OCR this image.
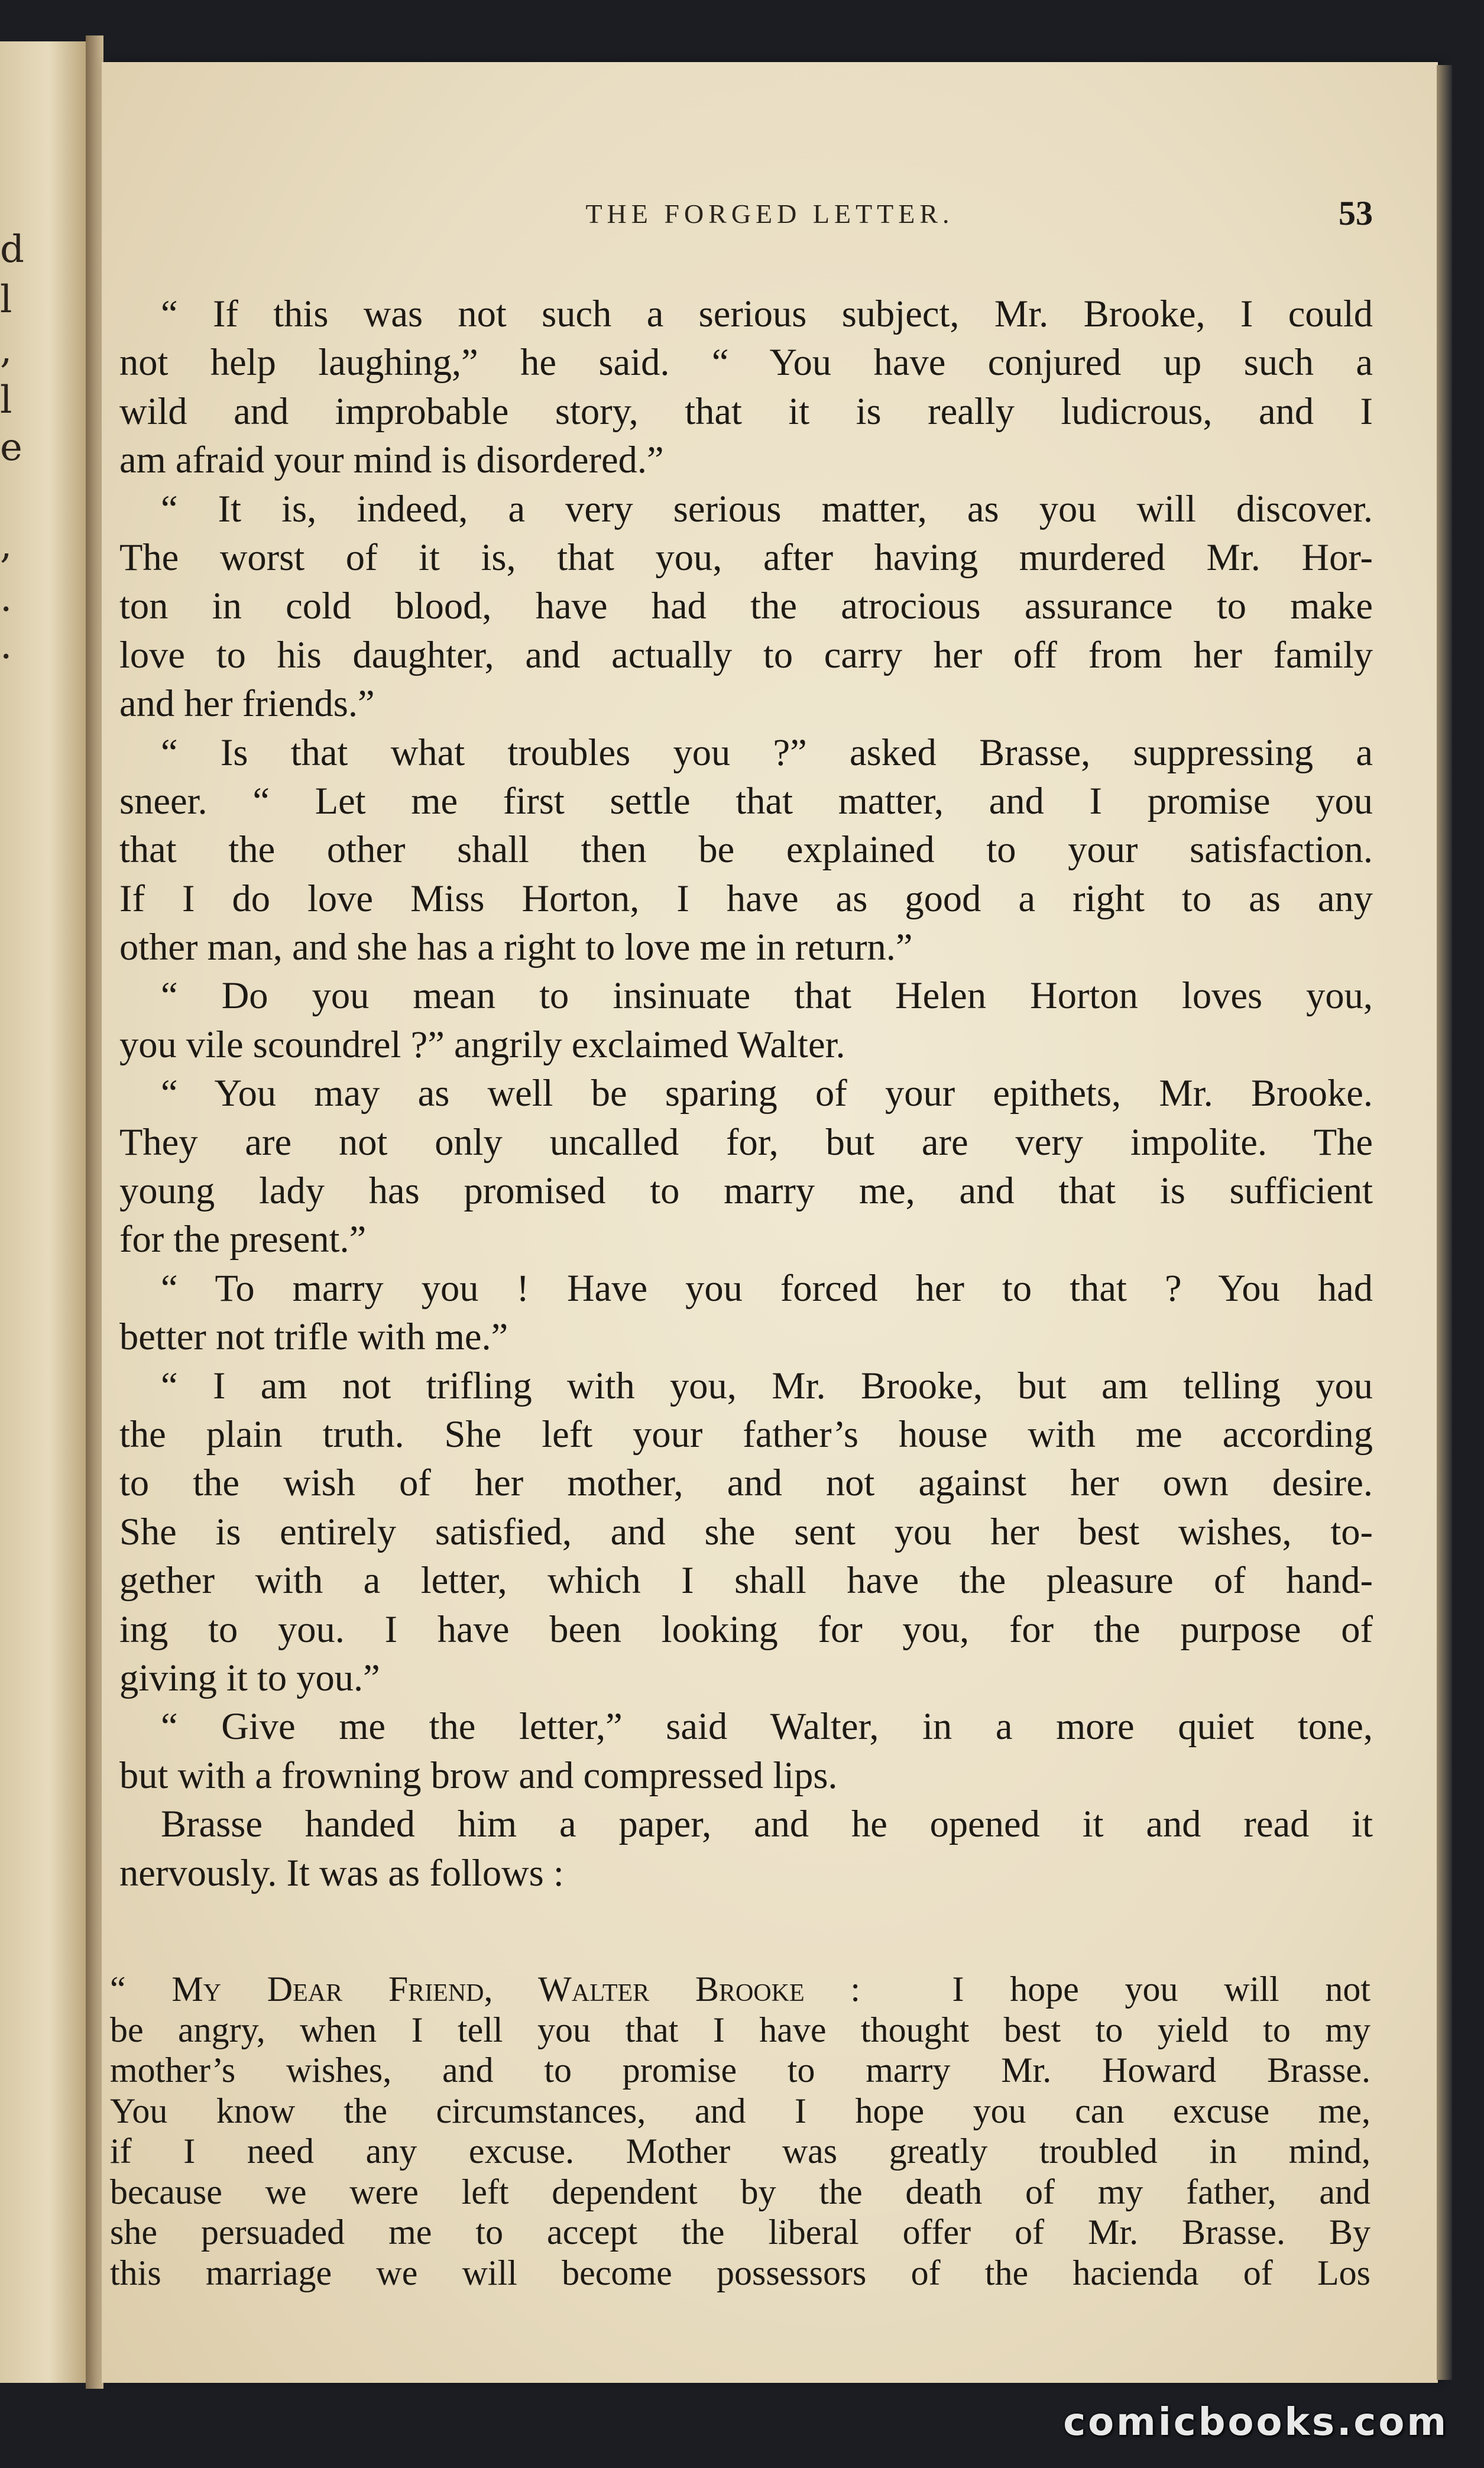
d
l
,
l
e
,
.
.
THE FORGED LETTER.	53
“ If this was not such a serious subject, Mr. Brooke, I could
not help laughing,” he said. “ You have conjured up such a
wild and improbable story, that it is really ludicrous, and I
am afraid your mind is disordered.”
“ It is, indeed, a very serious matter, as you will discover.
The worst of it is, that you, after having murdered Mr. Hor-
ton in cold blood, have had the atrocious assurance to make
love to his daughter, and actually to carry her off from her family
and her friends.”
“ Is that what troubles you ?” asked Brasse, suppressing a
sneer. “ Let me first settle that matter, and I promise you
that the other shall then be explained to your satisfaction.
If I do love Miss Horton, I have as good a right to as any
other man, and she has a right to love me in return.”
“ Do you mean to insinuate that Helen Horton loves you,
you vile scoundrel ?” angrily exclaimed Walter.
“ You may as well be sparing of your epithets, Mr. Brooke.
They are not only uncalled for, but are very impolite. The
young lady has promised to marry me, and that is sufficient
for the present.”
“ To marry you ! Have you forced her to that ? You had
better not trifle with me.”
“ I am not trifling with you, Mr. Brooke, but am telling you
the plain truth. She left your father’s house with me according
to the wish of her mother, and not against her own desire.
She is entirely satisfied, and she sent you her best wishes, to-
gether with a letter, which I shall have the pleasure of hand-
ing to you. I have been looking for you, for the purpose of
giving it to you.”
“ Give me the letter,” said Walter, in a more quiet tone,
but with a frowning brow and compressed lips.
Brasse handed him a paper, and he opened it and read it
nervously. It was as follows :
“ My Dear Friend, Walter Brooke :	I hope you will not
be angry, when I tell you that I have thought best to yield to my
mother’s wishes, and to promise to marry Mr. Howard Brasse.
You know the circumstances, and I hope you can excuse me,
if I need any excuse. Mother was greatly troubled in mind,
because we were left dependent by the death of my father, and
she persuaded me to accept the liberal offer of Mr. Brasse. By
this marriage we will become possessors of the hacienda of Los
comicbooks.com
